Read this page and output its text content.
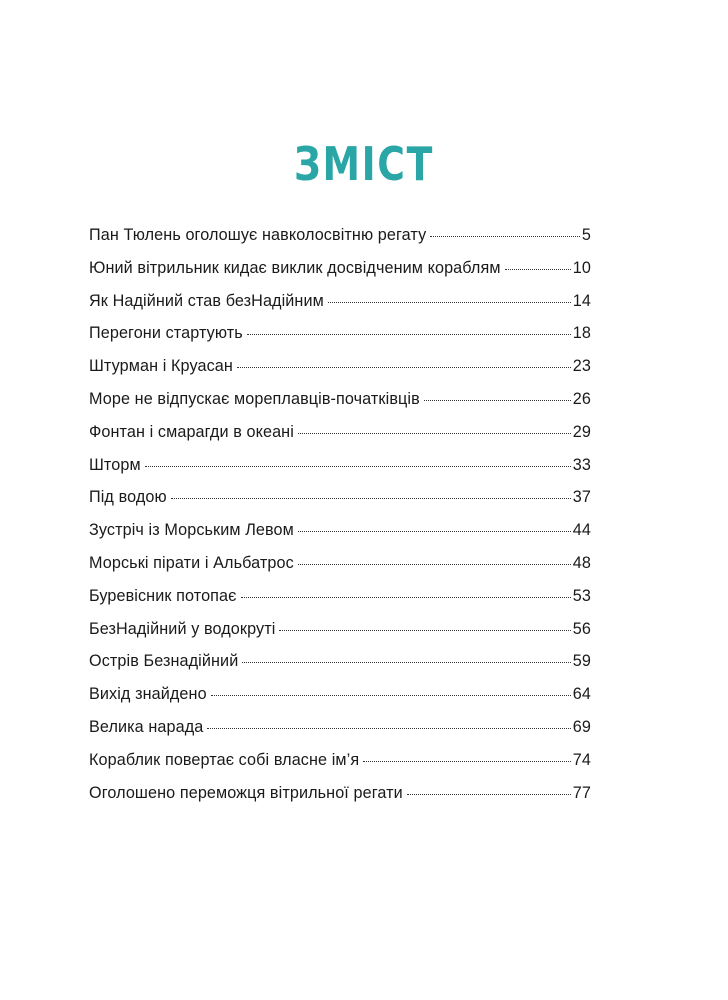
ЗМІСТ
Пан Тюлень оголошує навколосвітню регату	5
Юний вітрильник кидає виклик досвідченим кораблям	10
Як Надійний став безНадійним	14
Перегони стартують	18
Штурман і Круасан	23
Море не відпускає мореплавців-початківців	26
Фонтан і смарагди в океані	29
Шторм	33
Під водою	37
Зустріч із Морським Левом	44
Морські пірати і Альбатрос	48
Буревісник потопає	53
БезНадійний у водокруті	56
Острів Безнадійний	59
Вихід знайдено	64
Велика нарада	69
Кораблик повертає собі власне ім’я	74
Оголошено переможця вітрильної регати	77
